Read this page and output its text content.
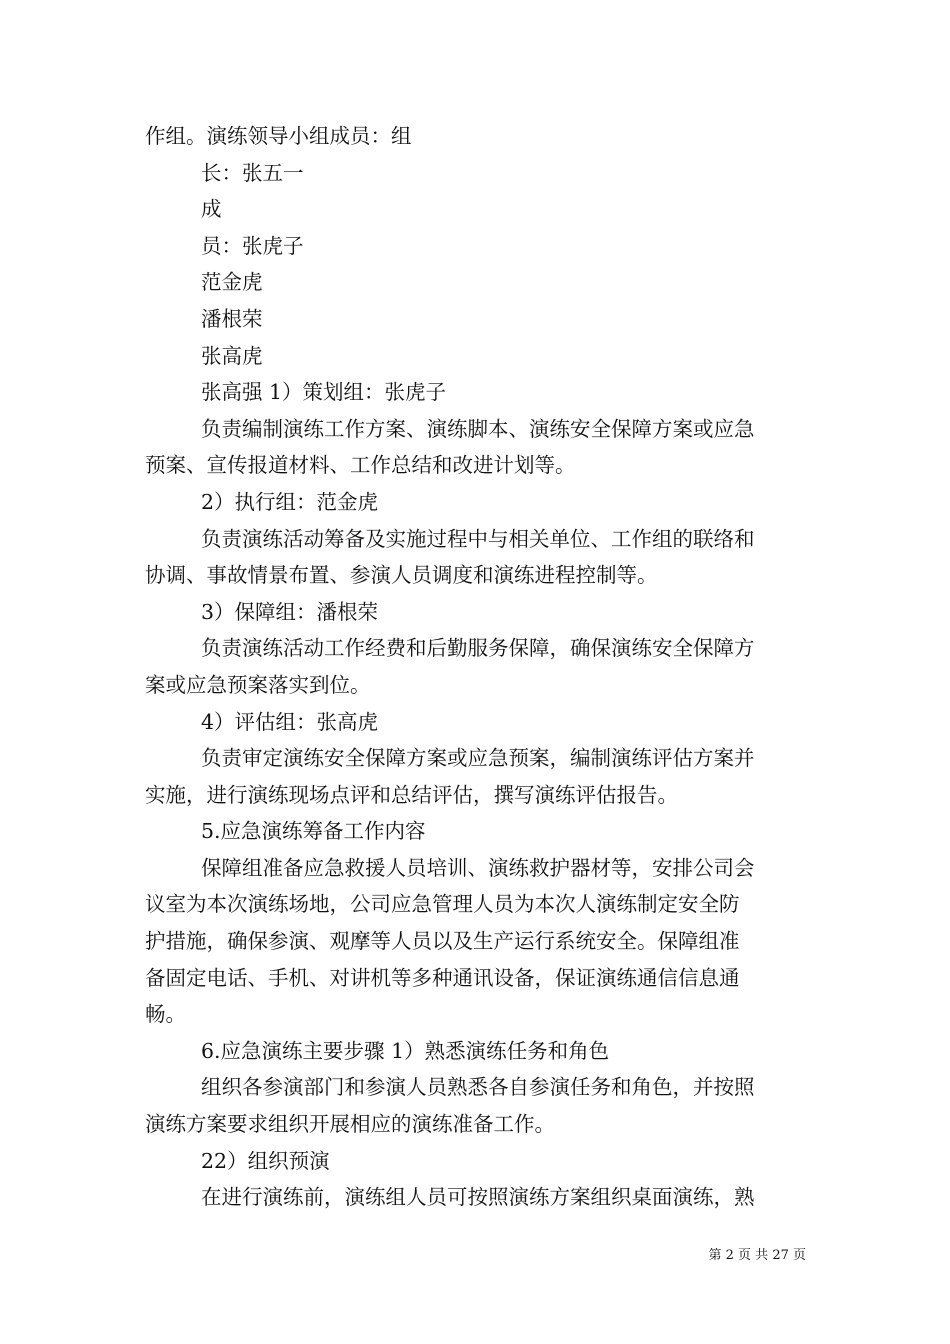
作组。演练领导小组成员：组
长：张五一
成
员：张虎子
范金虎
潘根荣
张高虎
张高强 1）策划组：张虎子
负责编制演练工作方案、演练脚本、演练安全保障方案或应急
预案、宣传报道材料、工作总结和改进计划等。
2）执行组：范金虎
负责演练活动筹备及实施过程中与相关单位、工作组的联络和
协调、事故情景布置、参演人员调度和演练进程控制等。
3）保障组：潘根荣
负责演练活动工作经费和后勤服务保障，确保演练安全保障方
案或应急预案落实到位。
4）评估组：张高虎
负责审定演练安全保障方案或应急预案，编制演练评估方案并
实施，进行演练现场点评和总结评估，撰写演练评估报告。
5.应急演练筹备工作内容
保障组准备应急救援人员培训、演练救护器材等，安排公司会
议室为本次演练场地，公司应急管理人员为本次人演练制定安全防
护措施，确保参演、观摩等人员以及生产运行系统安全。保障组准
备固定电话、手机、对讲机等多种通讯设备，保证演练通信信息通
畅。
6.应急演练主要步骤 1）熟悉演练任务和角色
组织各参演部门和参演人员熟悉各自参演任务和角色，并按照
演练方案要求组织开展相应的演练准备工作。
22）组织预演
在进行演练前，演练组人员可按照演练方案组织桌面演练，熟
第 2 页 共 27 页
